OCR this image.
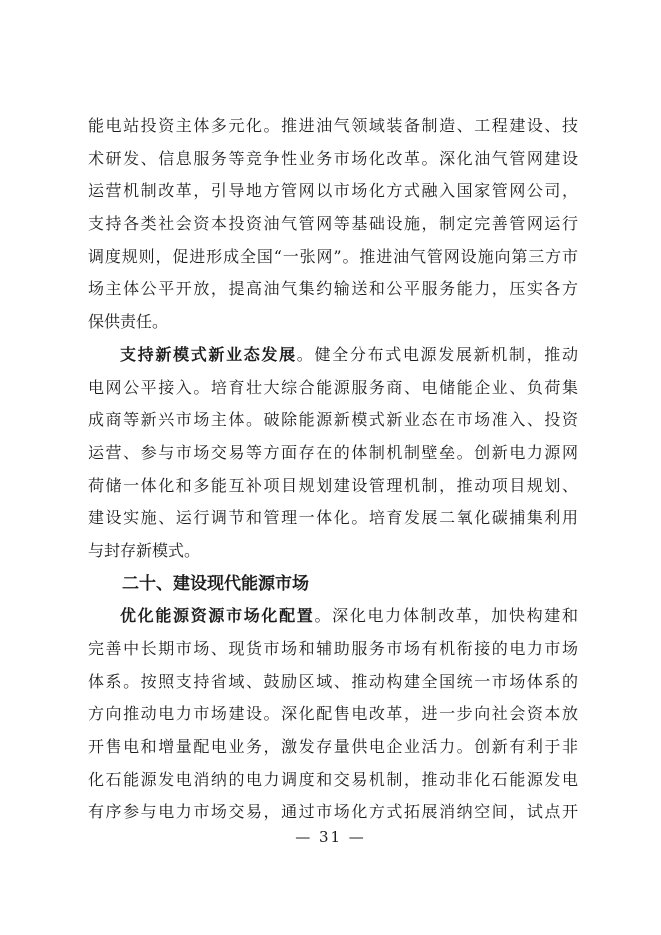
能电站投资主体多元化。推进油气领域装备制造、工程建设、技
术研发、信息服务等竞争性业务市场化改革。深化油气管网建设
运营机制改革，引导地方管网以市场化方式融入国家管网公司，
支持各类社会资本投资油气管网等基础设施，制定完善管网运行
调度规则，促进形成全国“一张网”。推进油气管网设施向第三方市
场主体公平开放，提高油气集约输送和公平服务能力，压实各方
保供责任。
支持新模式新业态发展。健全分布式电源发展新机制，推动
电网公平接入。培育壮大综合能源服务商、电储能企业、负荷集
成商等新兴市场主体。破除能源新模式新业态在市场准入、投资
运营、参与市场交易等方面存在的体制机制壁垒。创新电力源网
荷储一体化和多能互补项目规划建设管理机制，推动项目规划、
建设实施、运行调节和管理一体化。培育发展二氧化碳捕集利用
与封存新模式。
二十、建设现代能源市场
优化能源资源市场化配置。深化电力体制改革，加快构建和
完善中长期市场、现货市场和辅助服务市场有机衔接的电力市场
体系。按照支持省域、鼓励区域、推动构建全国统一市场体系的
方向推动电力市场建设。深化配售电改革，进一步向社会资本放
开售电和增量配电业务，激发存量供电企业活力。创新有利于非
化石能源发电消纳的电力调度和交易机制，推动非化石能源发电
有序参与电力市场交易，通过市场化方式拓展消纳空间，试点开
— 31 —
